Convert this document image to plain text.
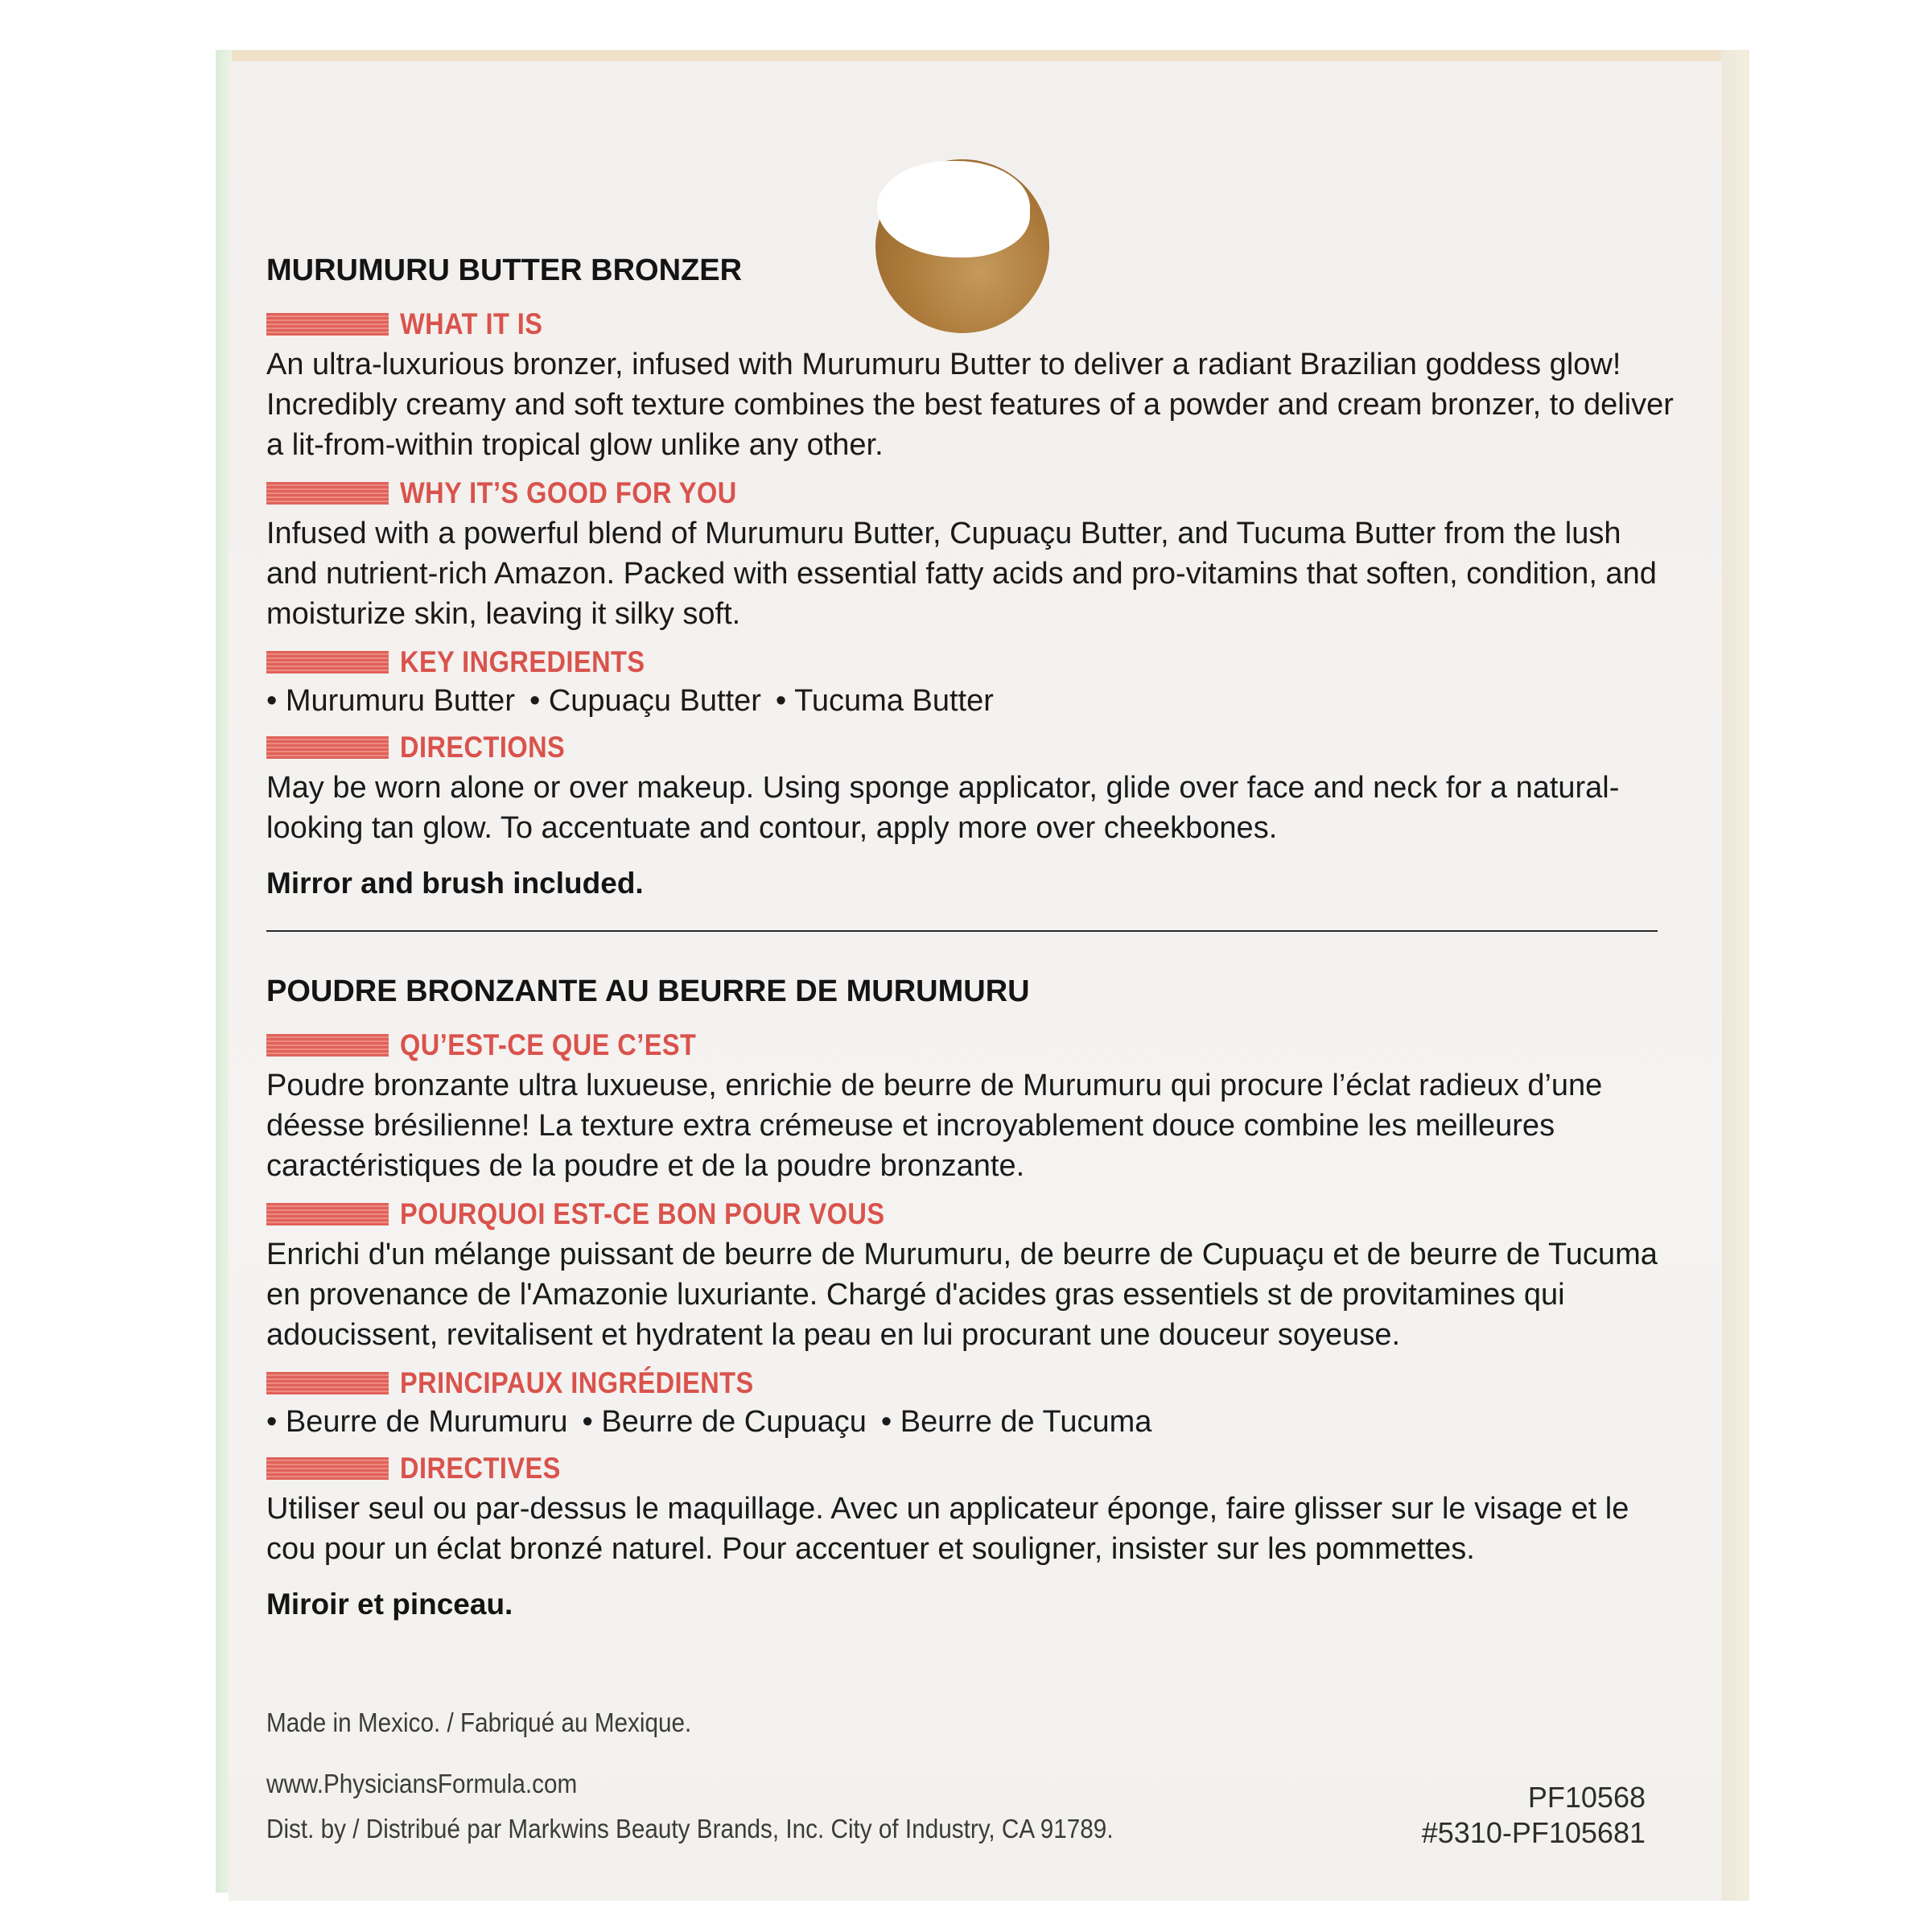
MURUMURU BUTTER BRONZER

WHAT IT IS

An ultra-luxurious bronzer, infused with Murumuru Butter to deliver a radiant Brazilian goddess glow! Incredibly creamy and soft texture combines the best features of a powder and cream bronzer, to deliver a lit-from-within tropical glow unlike any other.

WHY IT’S GOOD FOR YOU

Infused with a powerful blend of Murumuru Butter, Cupuaçu Butter, and Tucuma Butter from the lush and nutrient-rich Amazon. Packed with essential fatty acids and pro-vitamins that soften, condition, and moisturize skin, leaving it silky soft.

KEY INGREDIENTS
• Murumuru Butter	• Cupuaçu Butter	• Tucuma Butter
DIRECTIONS

May be worn alone or over makeup. Using sponge applicator, glide over face and neck for a natural-looking tan glow. To accentuate and contour, apply more over cheekbones.

Mirror and brush included.

POUDRE BRONZANTE AU BEURRE DE MURUMURU

QU’EST-CE QUE C’EST

Poudre bronzante ultra luxueuse, enrichie de beurre de Murumuru qui procure l’éclat radieux d’une déesse brésilienne! La texture extra crémeuse et incroyablement douce combine les meilleures caractéristiques de la poudre et de la poudre bronzante.

POURQUOI EST-CE BON POUR VOUS

Enrichi d'un mélange puissant de beurre de Murumuru, de beurre de Cupuaçu et de beurre de Tucuma en provenance de l'Amazonie luxuriante. Chargé d'acides gras essentiels st de provitamines qui adoucissent, revitalisent et hydratent la peau en lui procurant une douceur soyeuse.

PRINCIPAUX INGRÉDIENTS
• Beurre de Murumuru	• Beurre de Cupuaçu	• Beurre de Tucuma
DIRECTIVES

Utiliser seul ou par-dessus le maquillage. Avec un applicateur éponge, faire glisser sur le visage et le cou pour un éclat bronzé naturel. Pour accentuer et souligner, insister sur les pommettes.

Miroir et pinceau.

Made in Mexico. / Fabriqué au Mexique.
www.PhysiciansFormula.com
Dist. by / Distribué par Markwins Beauty Brands, Inc. City of Industry, CA 91789.
PF10568
#5310-PF105681
